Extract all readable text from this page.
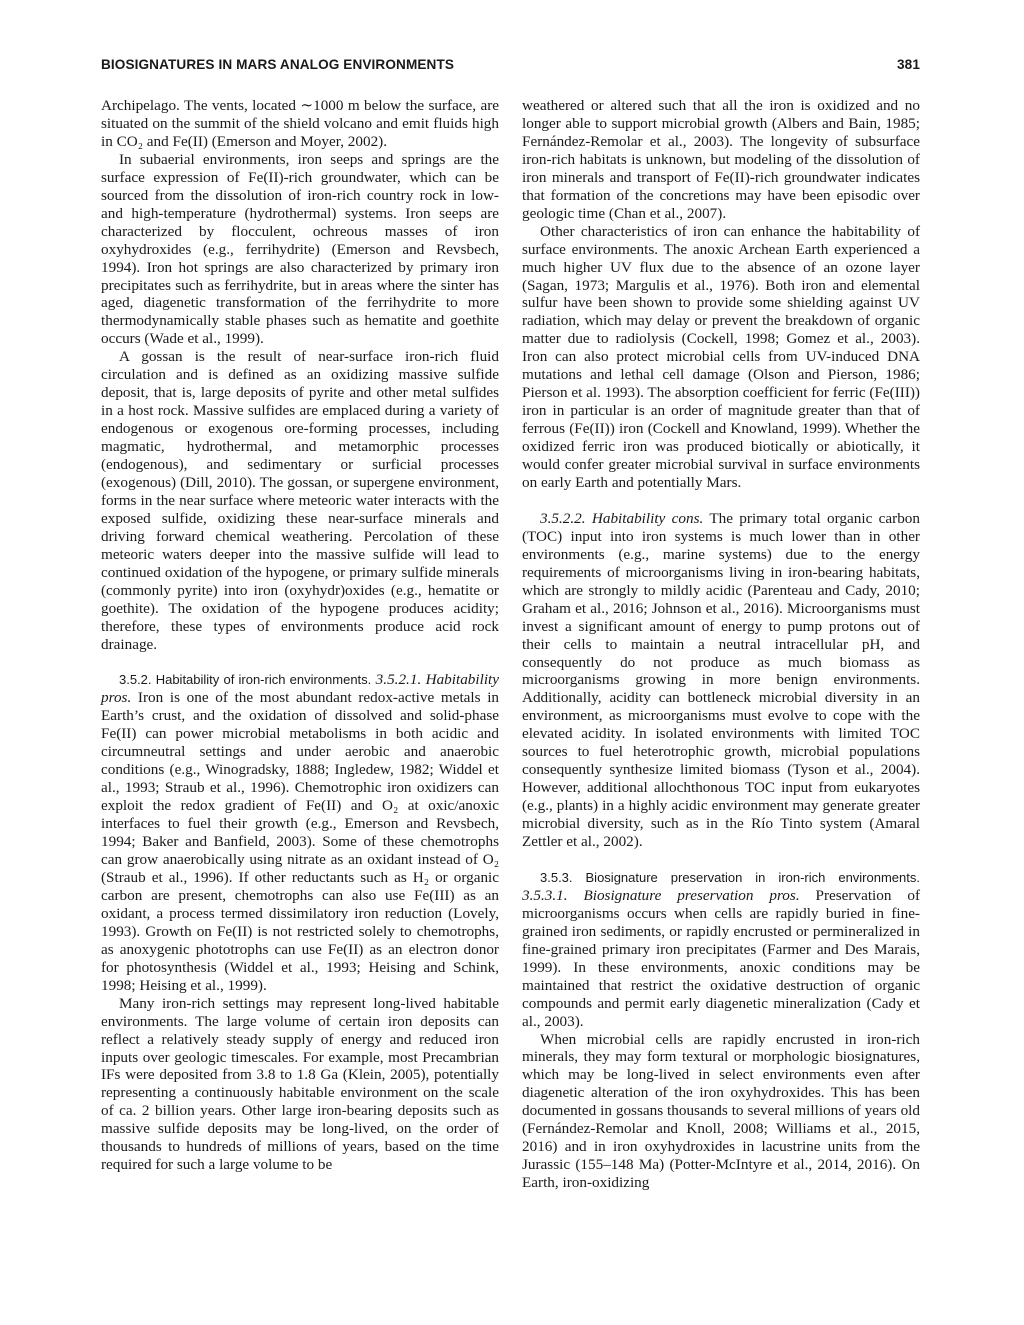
BIOSIGNATURES IN MARS ANALOG ENVIRONMENTS	381

Archipelago. The vents, located ∼1000 m below the surface, are situated on the summit of the shield volcano and emit fluids high in CO₂ and Fe(II) (Emerson and Moyer, 2002).

In subaerial environments, iron seeps and springs are the surface expression of Fe(II)-rich groundwater, which can be sourced from the dissolution of iron-rich country rock in low- and high-temperature (hydrothermal) systems. Iron seeps are characterized by flocculent, ochreous masses of iron oxyhydroxides (e.g., ferrihydrite) (Emerson and Revsbech, 1994). Iron hot springs are also characterized by primary iron precipitates such as ferrihydrite, but in areas where the sinter has aged, diagenetic transformation of the ferrihydrite to more thermodynamically stable phases such as hematite and goethite occurs (Wade et al., 1999).

A gossan is the result of near-surface iron-rich fluid circulation and is defined as an oxidizing massive sulfide deposit, that is, large deposits of pyrite and other metal sulfides in a host rock. Massive sulfides are emplaced during a variety of endogenous or exogenous ore-forming processes, including magmatic, hydrothermal, and metamorphic processes (endogenous), and sedimentary or surficial processes (exogenous) (Dill, 2010). The gossan, or supergene environment, forms in the near surface where meteoric water interacts with the exposed sulfide, oxidizing these near-surface minerals and driving forward chemical weathering. Percolation of these meteoric waters deeper into the massive sulfide will lead to continued oxidation of the hypogene, or primary sulfide minerals (commonly pyrite) into iron (oxyhydr)oxides (e.g., hematite or goethite). The oxidation of the hypogene produces acidity; therefore, these types of environments produce acid rock drainage.

3.5.2. Habitability of iron-rich environments. 3.5.2.1. Habitability pros. Iron is one of the most abundant redox-active metals in Earth’s crust, and the oxidation of dissolved and solid-phase Fe(II) can power microbial metabolisms in both acidic and circumneutral settings and under aerobic and anaerobic conditions (e.g., Winogradsky, 1888; Ingledew, 1982; Widdel et al., 1993; Straub et al., 1996). Chemotrophic iron oxidizers can exploit the redox gradient of Fe(II) and O₂ at oxic/anoxic interfaces to fuel their growth (e.g., Emerson and Revsbech, 1994; Baker and Banfield, 2003). Some of these chemotrophs can grow anaerobically using nitrate as an oxidant instead of O₂ (Straub et al., 1996). If other reductants such as H₂ or organic carbon are present, chemotrophs can also use Fe(III) as an oxidant, a process termed dissimilatory iron reduction (Lovely, 1993). Growth on Fe(II) is not restricted solely to chemotrophs, as anoxygenic phototrophs can use Fe(II) as an electron donor for photosynthesis (Widdel et al., 1993; Heising and Schink, 1998; Heising et al., 1999).

Many iron-rich settings may represent long-lived habitable environments. The large volume of certain iron deposits can reflect a relatively steady supply of energy and reduced iron inputs over geologic timescales. For example, most Precambrian IFs were deposited from 3.8 to 1.8 Ga (Klein, 2005), potentially representing a continuously habitable environment on the scale of ca. 2 billion years. Other large iron-bearing deposits such as massive sulfide deposits may be long-lived, on the order of thousands to hundreds of millions of years, based on the time required for such a large volume to be

weathered or altered such that all the iron is oxidized and no longer able to support microbial growth (Albers and Bain, 1985; Fernández-Remolar et al., 2003). The longevity of subsurface iron-rich habitats is unknown, but modeling of the dissolution of iron minerals and transport of Fe(II)-rich groundwater indicates that formation of the concretions may have been episodic over geologic time (Chan et al., 2007).

Other characteristics of iron can enhance the habitability of surface environments. The anoxic Archean Earth experienced a much higher UV flux due to the absence of an ozone layer (Sagan, 1973; Margulis et al., 1976). Both iron and elemental sulfur have been shown to provide some shielding against UV radiation, which may delay or prevent the breakdown of organic matter due to radiolysis (Cockell, 1998; Gomez et al., 2003). Iron can also protect microbial cells from UV-induced DNA mutations and lethal cell damage (Olson and Pierson, 1986; Pierson et al. 1993). The absorption coefficient for ferric (Fe(III)) iron in particular is an order of magnitude greater than that of ferrous (Fe(II)) iron (Cockell and Knowland, 1999). Whether the oxidized ferric iron was produced biotically or abiotically, it would confer greater microbial survival in surface environments on early Earth and potentially Mars.

3.5.2.2. Habitability cons. The primary total organic carbon (TOC) input into iron systems is much lower than in other environments (e.g., marine systems) due to the energy requirements of microorganisms living in iron-bearing habitats, which are strongly to mildly acidic (Parenteau and Cady, 2010; Graham et al., 2016; Johnson et al., 2016). Microorganisms must invest a significant amount of energy to pump protons out of their cells to maintain a neutral intracellular pH, and consequently do not produce as much biomass as microorganisms growing in more benign environments. Additionally, acidity can bottleneck microbial diversity in an environment, as microorganisms must evolve to cope with the elevated acidity. In isolated environments with limited TOC sources to fuel heterotrophic growth, microbial populations consequently synthesize limited biomass (Tyson et al., 2004). However, additional allochthonous TOC input from eukaryotes (e.g., plants) in a highly acidic environment may generate greater microbial diversity, such as in the Río Tinto system (Amaral Zettler et al., 2002).

3.5.3. Biosignature preservation in iron-rich environments. 3.5.3.1. Biosignature preservation pros. Preservation of microorganisms occurs when cells are rapidly buried in fine-grained iron sediments, or rapidly encrusted or permineralized in fine-grained primary iron precipitates (Farmer and Des Marais, 1999). In these environments, anoxic conditions may be maintained that restrict the oxidative destruction of organic compounds and permit early diagenetic mineralization (Cady et al., 2003).

When microbial cells are rapidly encrusted in iron-rich minerals, they may form textural or morphologic biosignatures, which may be long-lived in select environments even after diagenetic alteration of the iron oxyhydroxides. This has been documented in gossans thousands to several millions of years old (Fernández-Remolar and Knoll, 2008; Williams et al., 2015, 2016) and in iron oxyhydroxides in lacustrine units from the Jurassic (155–148 Ma) (Potter-McIntyre et al., 2014, 2016). On Earth, iron-oxidizing
